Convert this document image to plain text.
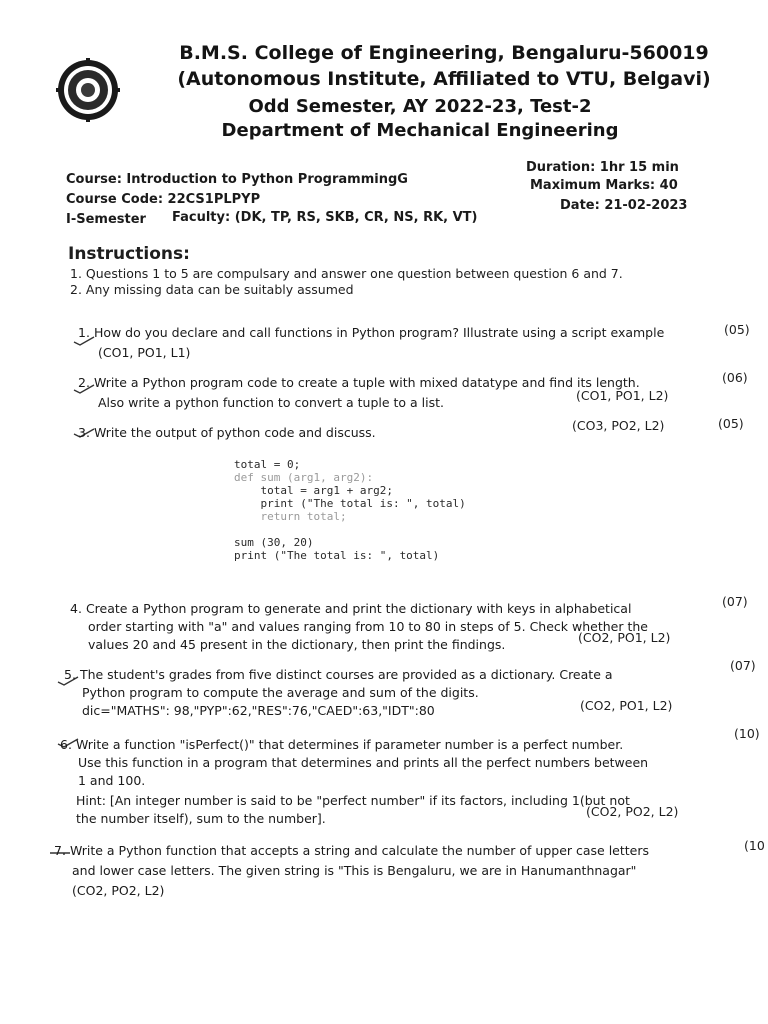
B.M.S. College of Engineering, Bengaluru-560019
(Autonomous Institute, Affiliated to VTU, Belgavi)
Odd Semester, AY 2022-23, Test-2
Department of Mechanical Engineering
Course: Introduction to Python ProgrammingG
Course Code: 22CS1PLPYP
I-Semester Faculty: (DK, TP, RS, SKB, CR, NS, RK, VT)
Duration: 1hr 15 min
Maximum Marks: 40
Date: 21-02-2023
Instructions:
1. Questions 1 to 5 are compulsary and answer one question between question 6 and 7.
2. Any missing data can be suitably assumed
1. How do you declare and call functions in Python program? Illustrate using a script example
(CO1, PO1, L1)
(05)
2. Write a Python program code to create a tuple with mixed datatype and find its length.
Also write a python function to convert a tuple to a list.	(CO1, PO1, L2)
(06)
3. Write the output of python code and discuss.	(CO3, PO2, L2)	(05)
total = 0;
def sum (arg1, arg2):
total = arg1 + arg2;
print ("The total is: ", total)
return total;
sum (30, 20)
print ("The total is: ", total)
4. Create a Python program to generate and print the dictionary with keys in alphabetical
order starting with "a" and values ranging from 10 to 80 in steps of 5. Check whether the
values 20 and 45 present in the dictionary, then print the findings.	(CO2, PO1, L2)
(07)
5. The student's grades from five distinct courses are provided as a dictionary. Create a
Python program to compute the average and sum of the digits.
dic="MATHS": 98,"PYP":62,"RES":76,"CAED":63,"IDT":80	(CO2, PO1, L2)
(07)
6. Write a function "isPerfect()" that determines if parameter number is a perfect number.
Use this function in a program that determines and prints all the perfect numbers between
1 and 100.
Hint: [An integer number is said to be "perfect number" if its factors, including 1(but not
the number itself), sum to the number].	(CO2, PO2, L2)
(10)
7. Write a Python function that accepts a string and calculate the number of upper case letters
and lower case letters. The given string is "This is Bengaluru, we are in Hanumanthnagar"
(CO2, PO2, L2)
(10
